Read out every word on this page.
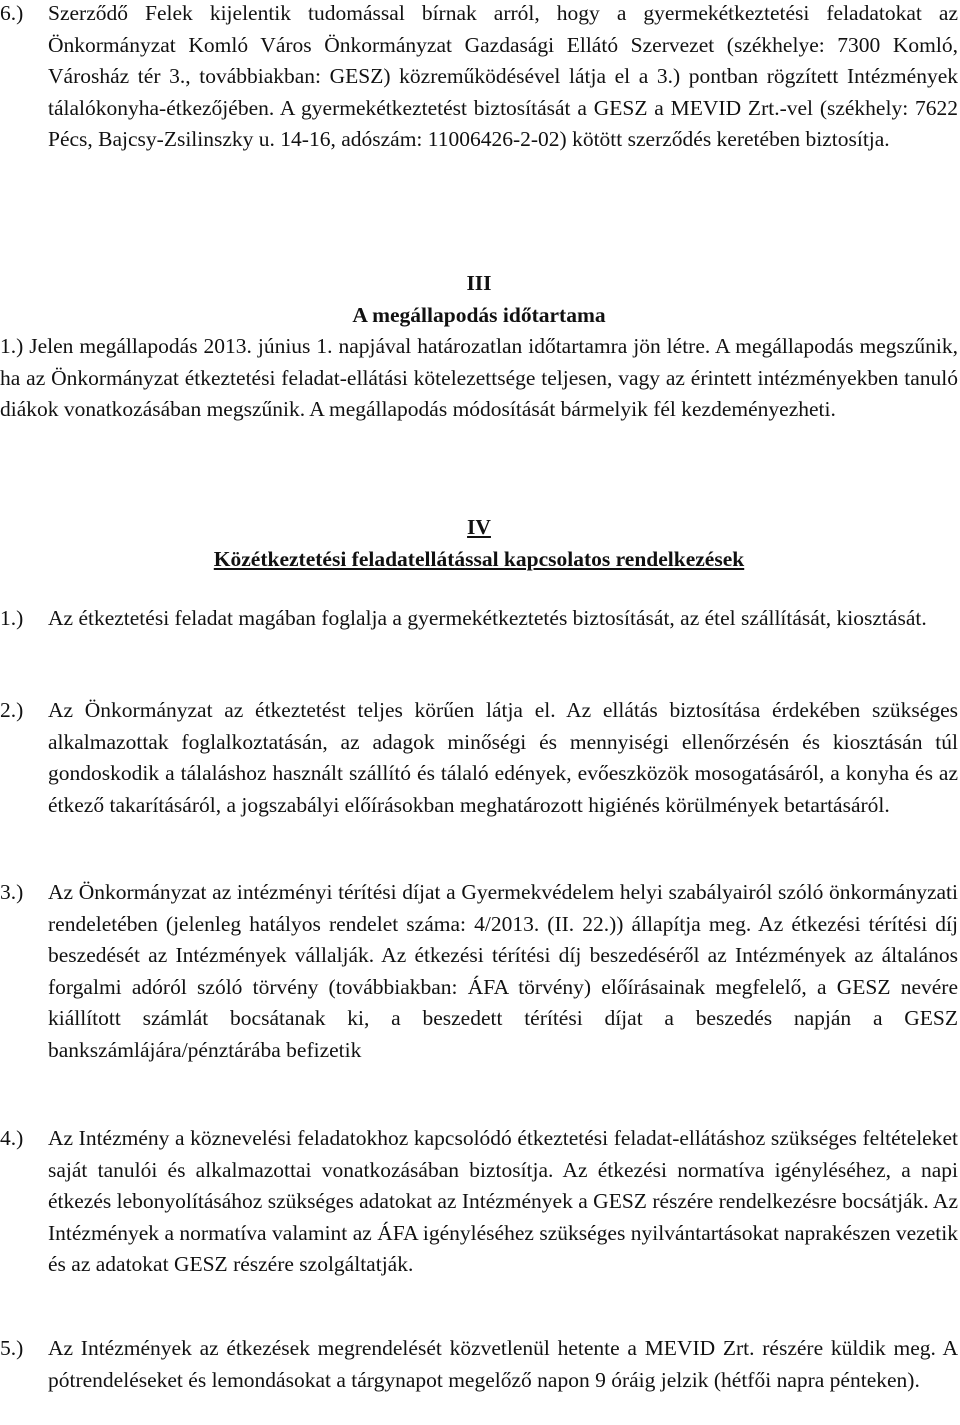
6.) Szerződő Felek kijelentik tudomással bírnak arról, hogy a gyermekétkeztetési feladatokat az Önkormányzat Komló Város Önkormányzat Gazdasági Ellátó Szervezet (székhelye: 7300 Komló, Városház tér 3., továbbiakban: GESZ) közreműködésével látja el a 3.) pontban rögzített Intézmények tálalókonyha-étkezőjében. A gyermekétkeztetést biztosítását a GESZ a MEVID Zrt.-vel (székhely: 7622 Pécs, Bajcsy-Zsilinszky u. 14-16, adószám: 11006426-2-02) kötött szerződés keretében biztosítja.

III
A megállapodás időtartama

1.) Jelen megállapodás 2013. június 1. napjával határozatlan időtartamra jön létre. A megállapodás megszűnik, ha az Önkormányzat étkeztetési feladat-ellátási kötelezettsége teljesen, vagy az érintett intézményekben tanuló diákok vonatkozásában megszűnik. A megállapodás módosítását bármelyik fél kezdeményezheti.

IV
Közétkeztetési feladatellátással kapcsolatos rendelkezések
1.) Az étkeztetési feladat magában foglalja a gyermekétkeztetés biztosítását, az étel szállítását, kiosztását.

2.) Az Önkormányzat az étkeztetést teljes körűen látja el. Az ellátás biztosítása érdekében szükséges alkalmazottak foglalkoztatásán, az adagok minőségi és mennyiségi ellenőrzésén és kiosztásán túl gondoskodik a tálaláshoz használt szállító és tálaló edények, evőeszközök mosogatásáról, a konyha és az étkező takarításáról, a jogszabályi előírásokban meghatározott higiénés körülmények betartásáról.

3.) Az Önkormányzat az intézményi térítési díjat a Gyermekvédelem helyi szabályairól szóló önkormányzati rendeletében (jelenleg hatályos rendelet száma: 4/2013. (II. 22.)) állapítja meg. Az étkezési térítési díj beszedését az Intézmények vállalják. Az étkezési térítési díj beszedéséről az Intézmények az általános forgalmi adóról szóló törvény (továbbiakban: ÁFA törvény) előírásainak megfelelő, a GESZ nevére kiállított számlát bocsátanak ki, a beszedett térítési díjat a beszedés napján a GESZ bankszámlájára/pénztárába befizetik

4.) Az Intézmény a köznevelési feladatokhoz kapcsolódó étkeztetési feladat-ellátáshoz szükséges feltételeket saját tanulói és alkalmazottai vonatkozásában biztosítja. Az étkezési normatíva igényléséhez, a napi étkezés lebonyolításához szükséges adatokat az Intézmények a GESZ részére rendelkezésre bocsátják. Az Intézmények a normatíva valamint az ÁFA igényléséhez szükséges nyilvántartásokat naprakészen vezetik és az adatokat GESZ részére szolgáltatják.

5.) Az Intézmények az étkezések megrendelését közvetlenül hetente a MEVID Zrt. részére küldik meg. A pótrendeléseket és lemondásokat a tárgynapot megelőző napon 9 óráig jelzik (hétfői napra pénteken).
